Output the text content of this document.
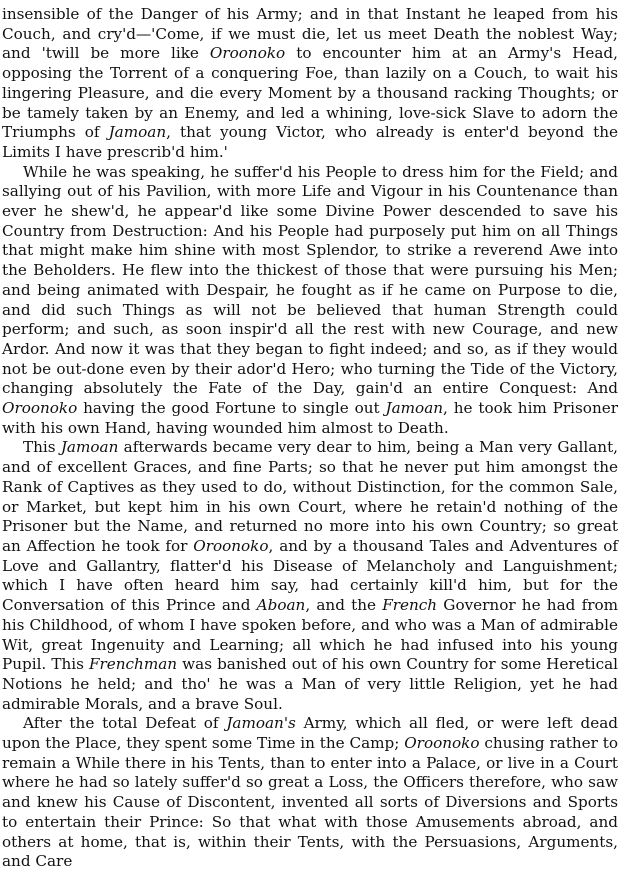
insensible of the Danger of his Army; and in that Instant he leaped from his Couch, and cry'd—'Come, if we must die, let us meet Death the noblest Way; and 'twill be more like Oroonoko to encounter him at an Army's Head, opposing the Torrent of a conquering Foe, than lazily on a Couch, to wait his lingering Pleasure, and die every Moment by a thousand racking Thoughts; or be tamely taken by an Enemy, and led a whining, love-sick Slave to adorn the Triumphs of Jamoan, that young Victor, who already is enter'd beyond the Limits I have prescrib'd him.'

While he was speaking, he suffer'd his People to dress him for the Field; and sallying out of his Pavilion, with more Life and Vigour in his Countenance than ever he shew'd, he appear'd like some Divine Power descended to save his Country from Destruction: And his People had purposely put him on all Things that might make him shine with most Splendor, to strike a reverend Awe into the Beholders. He flew into the thickest of those that were pursuing his Men; and being animated with Despair, he fought as if he came on Purpose to die, and did such Things as will not be believed that human Strength could perform; and such, as soon inspir'd all the rest with new Courage, and new Ardor. And now it was that they began to fight indeed; and so, as if they would not be out-done even by their ador'd Hero; who turning the Tide of the Victory, changing absolutely the Fate of the Day, gain'd an entire Conquest: And Oroonoko having the good Fortune to single out Jamoan, he took him Prisoner with his own Hand, having wounded him almost to Death.

This Jamoan afterwards became very dear to him, being a Man very Gallant, and of excellent Graces, and fine Parts; so that he never put him amongst the Rank of Captives as they used to do, without Distinction, for the common Sale, or Market, but kept him in his own Court, where he retain'd nothing of the Prisoner but the Name, and returned no more into his own Country; so great an Affection he took for Oroonoko, and by a thousand Tales and Adventures of Love and Gallantry, flatter'd his Disease of Melancholy and Languishment; which I have often heard him say, had certainly kill'd him, but for the Conversation of this Prince and Aboan, and the French Governor he had from his Childhood, of whom I have spoken before, and who was a Man of admirable Wit, great Ingenuity and Learning; all which he had infused into his young Pupil. This Frenchman was banished out of his own Country for some Heretical Notions he held; and tho' he was a Man of very little Religion, yet he had admirable Morals, and a brave Soul.

After the total Defeat of Jamoan's Army, which all fled, or were left dead upon the Place, they spent some Time in the Camp; Oroonoko chusing rather to remain a While there in his Tents, than to enter into a Palace, or live in a Court where he had so lately suffer'd so great a Loss, the Officers therefore, who saw and knew his Cause of Discontent, invented all sorts of Diversions and Sports to entertain their Prince: So that what with those Amusements abroad, and others at home, that is, within their Tents, with the Persuasions, Arguments, and Care
